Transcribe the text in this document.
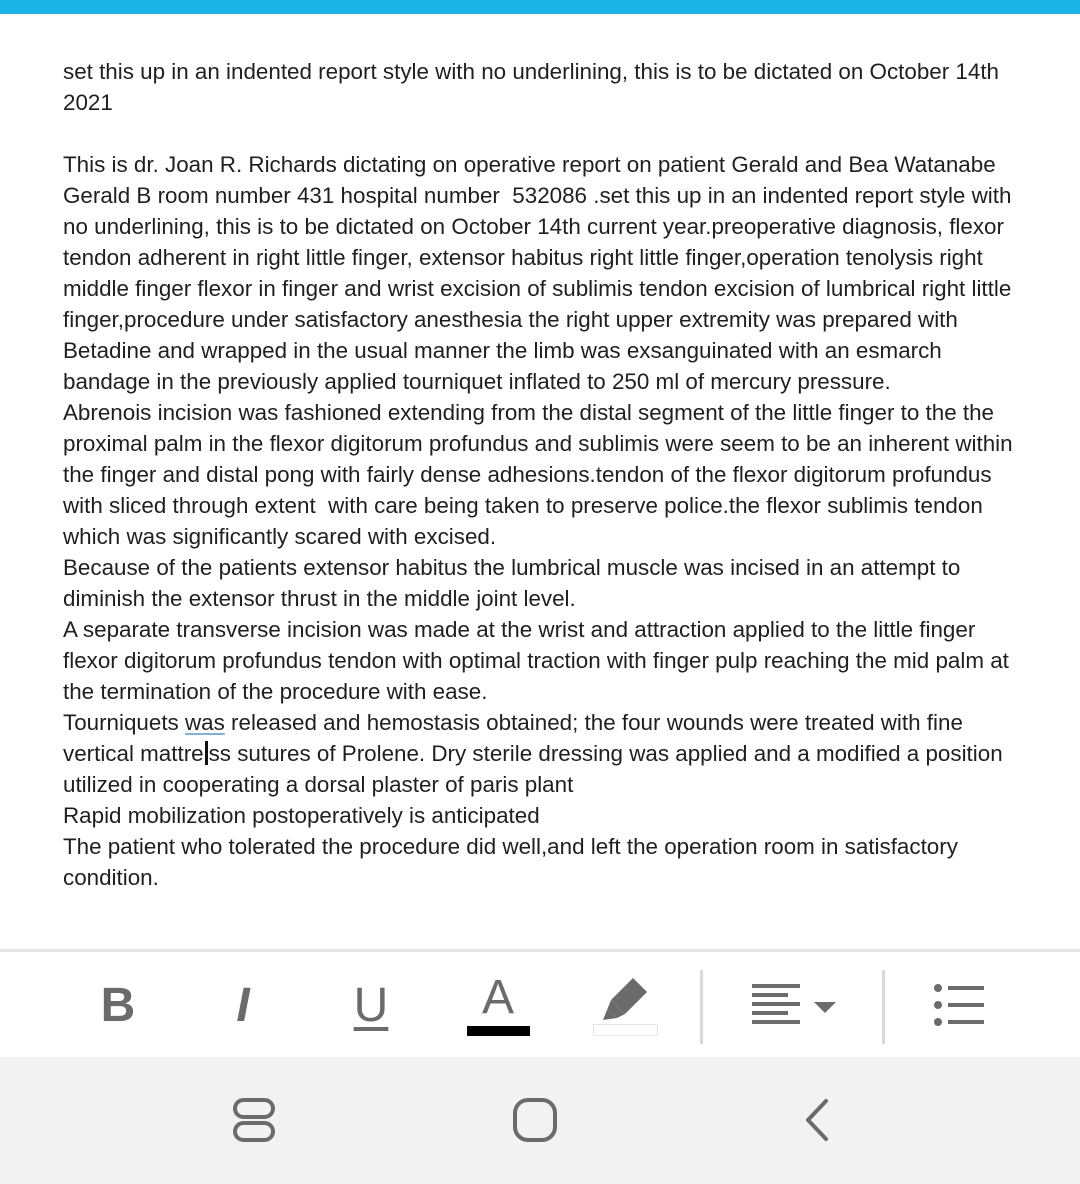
set this up in an indented report style with no underlining, this is to be dictated on October 14th 2021

This is dr. Joan R. Richards dictating on operative report on patient Gerald and Bea Watanabe Gerald B room number 431 hospital number  532086 .set this up in an indented report style with no underlining, this is to be dictated on October 14th current year.preoperative diagnosis, flexor tendon adherent in right little finger, extensor habitus right little finger,operation tenolysis right middle finger flexor in finger and wrist excision of sublimis tendon excision of lumbrical right little finger,procedure under satisfactory anesthesia the right upper extremity was prepared with Betadine and wrapped in the usual manner the limb was exsanguinated with an esmarch bandage in the previously applied tourniquet inflated to 250 ml of mercury pressure.

Abrenois incision was fashioned extending from the distal segment of the little finger to the the proximal palm in the flexor digitorum profundus and sublimis were seem to be an inherent within the finger and distal pong with fairly dense adhesions.tendon of the flexor digitorum profundus with sliced through extent  with care being taken to preserve police.the flexor sublimis tendon which was significantly scared with excised.

Because of the patients extensor habitus the lumbrical muscle was incised in an attempt to diminish the extensor thrust in the middle joint level.

A separate transverse incision was made at the wrist and attraction applied to the little finger flexor digitorum profundus tendon with optimal traction with finger pulp reaching the mid palm at the termination of the procedure with ease.

Tourniquets was released and hemostasis obtained; the four wounds were treated with fine vertical mattre ss sutures of Prolene. Dry sterile dressing was applied and a modified a position utilized in cooperating a dorsal plaster of paris plant

Rapid mobilization postoperatively is anticipated

The patient who tolerated the procedure did well,and left the operation room in satisfactory condition.

B I U A
